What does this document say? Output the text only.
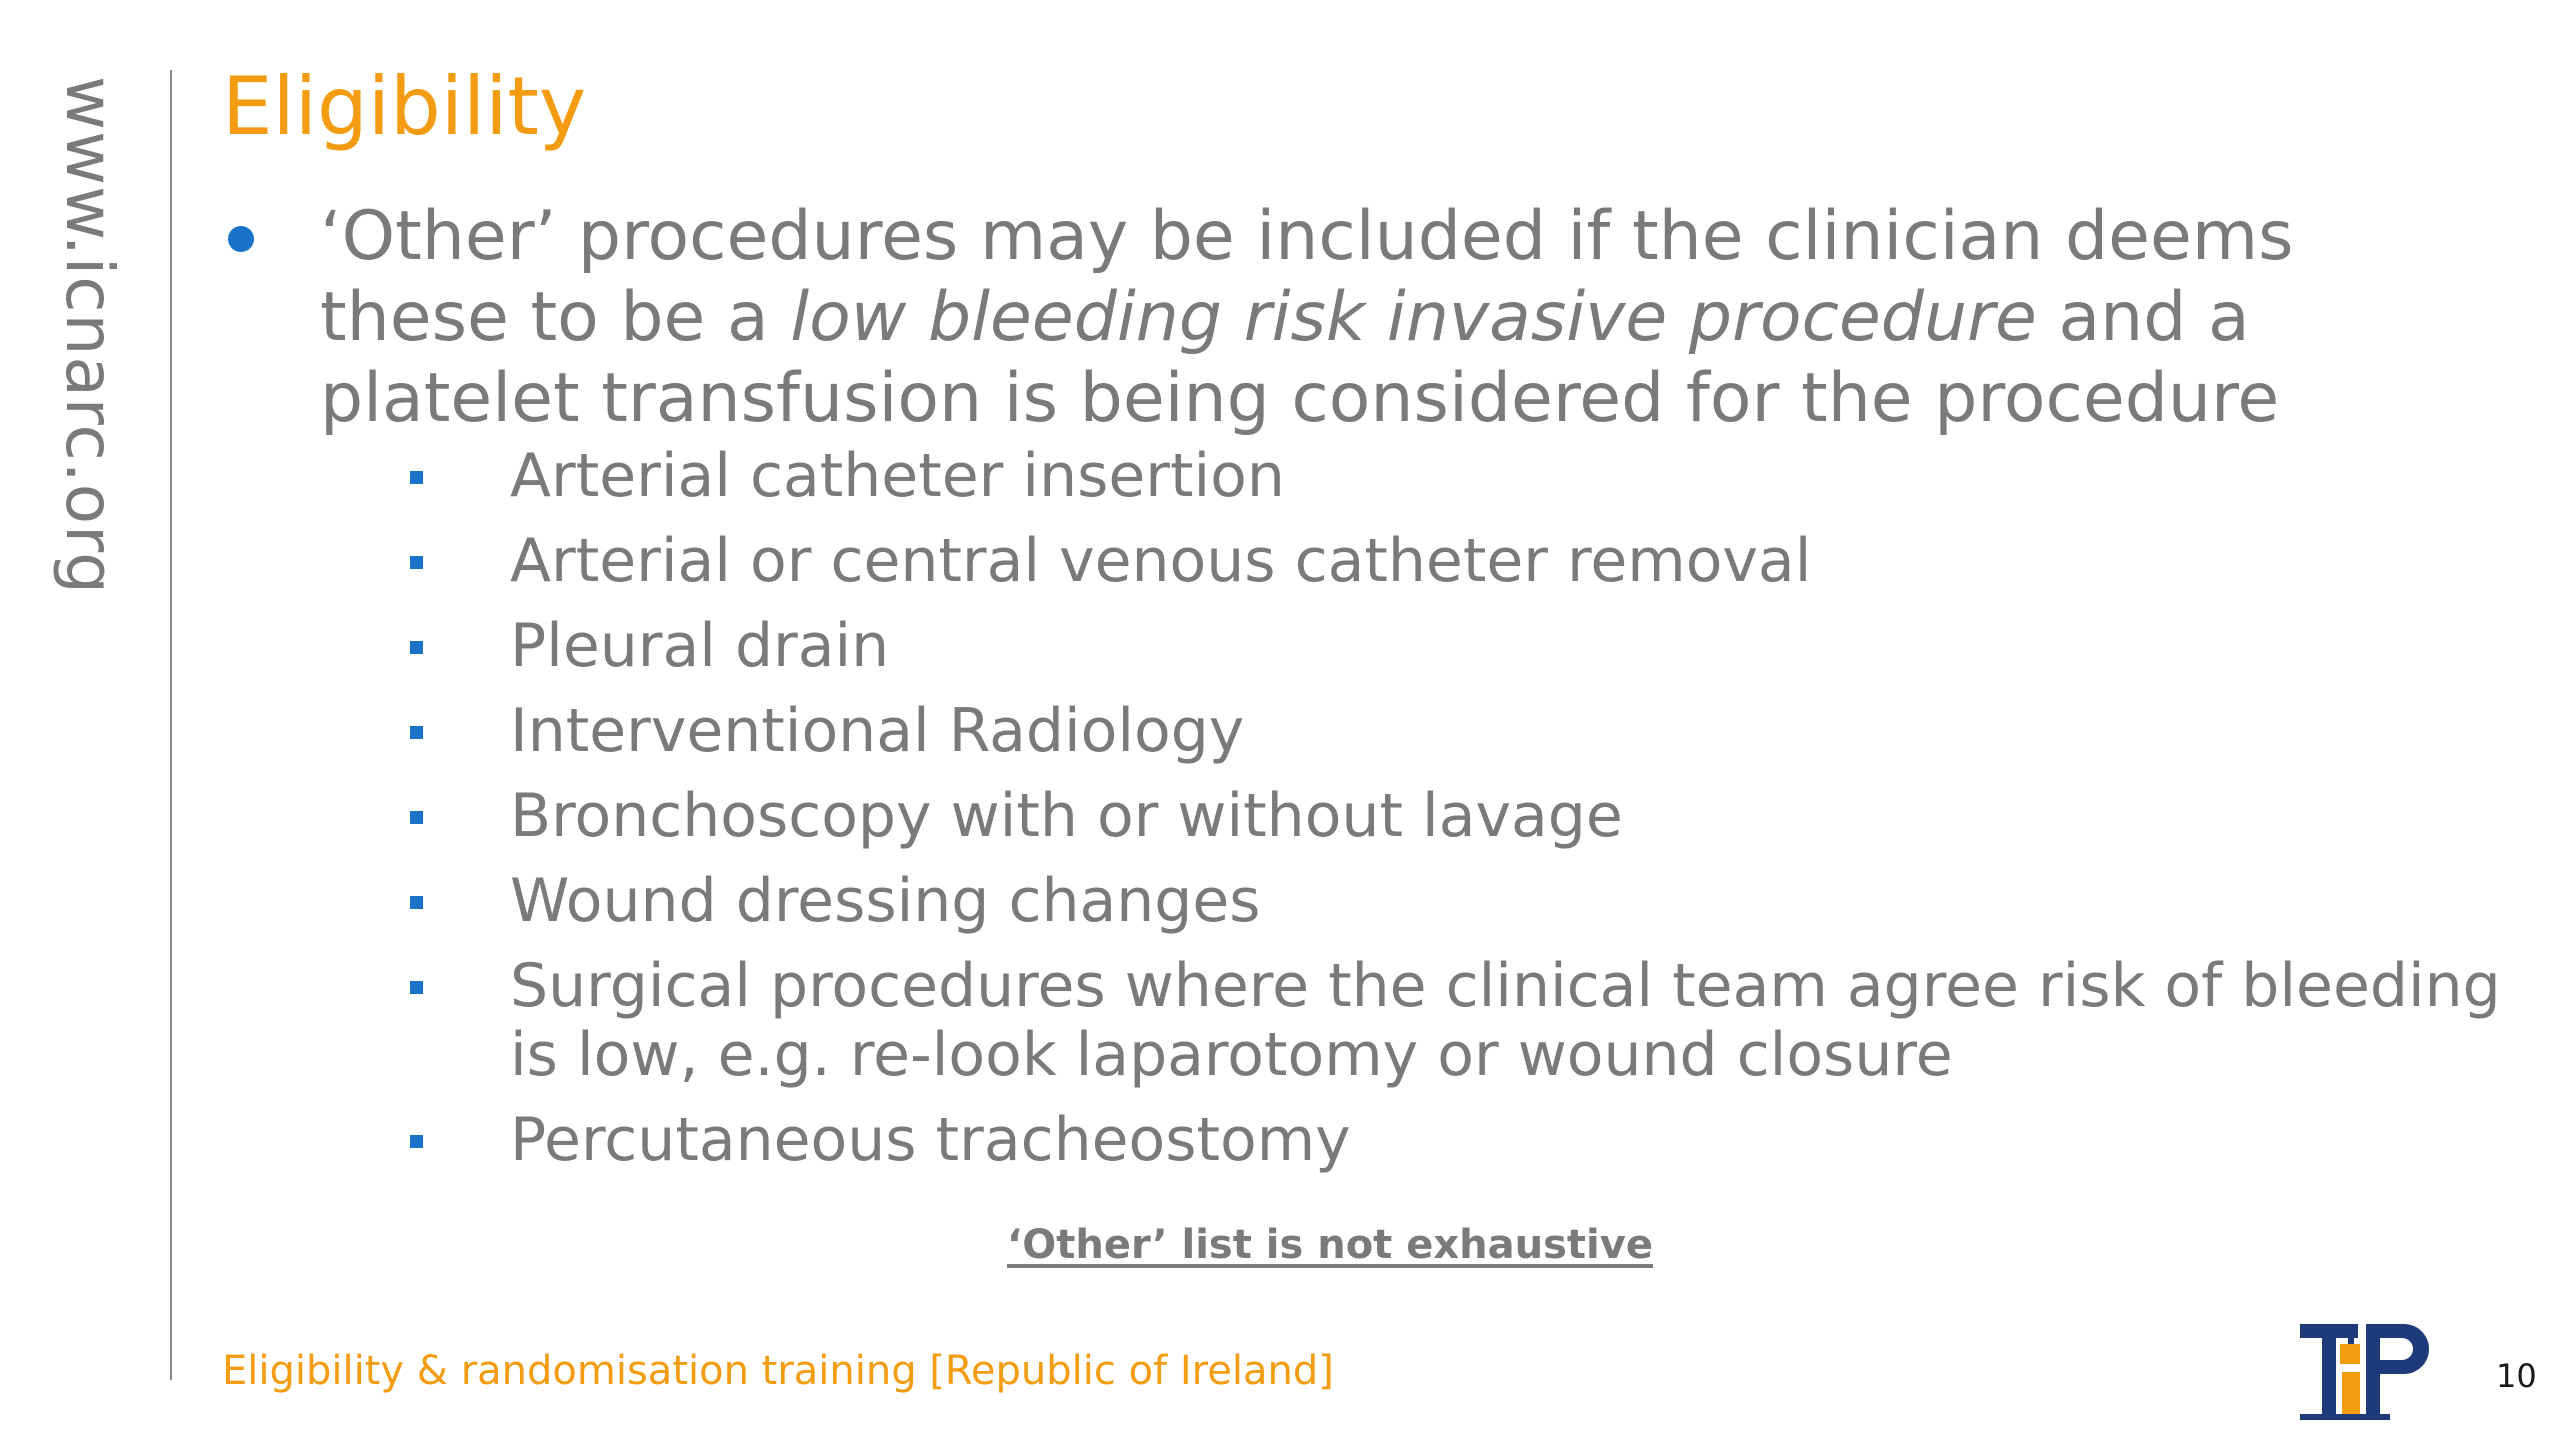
www.icnarc.org Eligibility
‘Other’ procedures may be included if the clinician deems these to be a low bleeding risk invasive procedure and a platelet transfusion is being considered for the procedure
Arterial catheter insertion
Arterial or central venous catheter removal
Pleural drain
Interventional Radiology
Bronchoscopy with or without lavage
Wound dressing changes
Surgical procedures where the clinical team agree risk of bleeding is low, e.g. re-look laparotomy or wound closure
Percutaneous tracheostomy
‘Other’ list is not exhaustive
Eligibility & randomisation training [Republic of Ireland]	10
